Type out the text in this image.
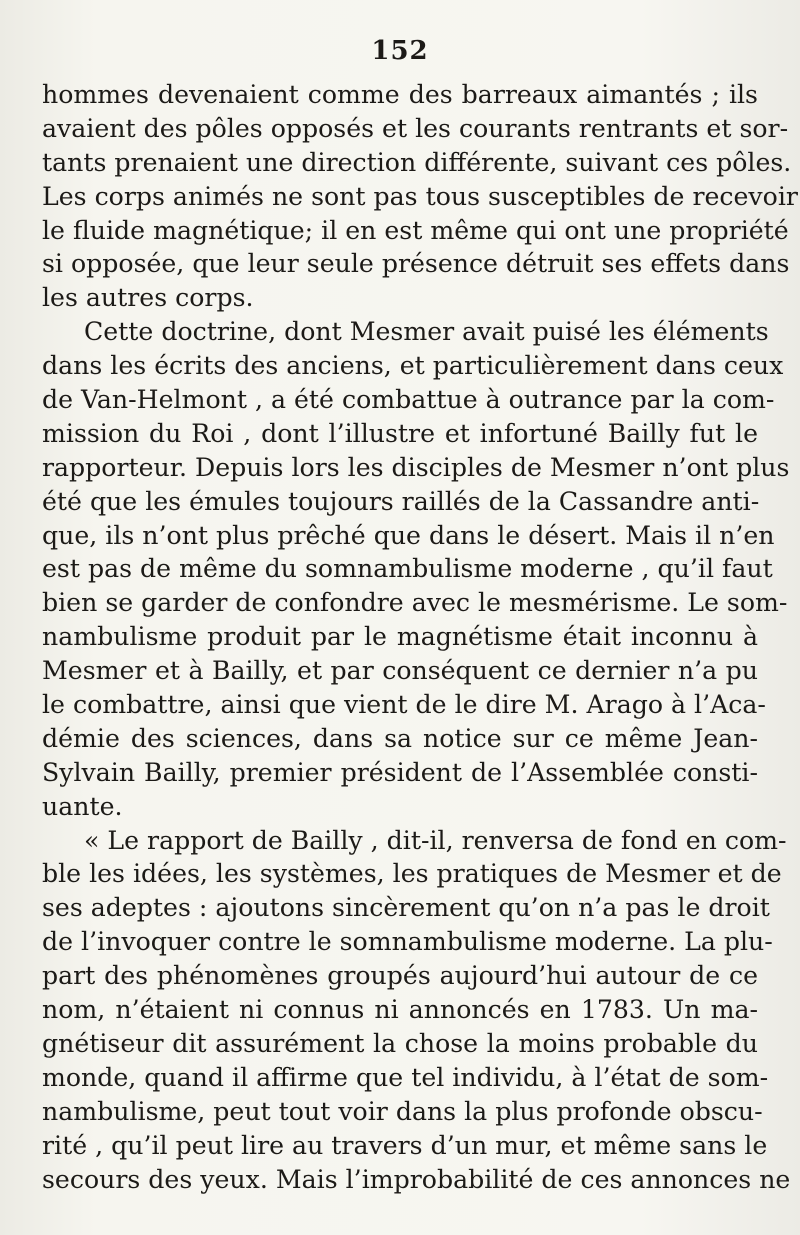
152
hommes devenaient comme des barreaux aimantés ; ils
avaient des pôles opposés et les courants rentrants et sor-
tants prenaient une direction différente, suivant ces pôles.
Les corps animés ne sont pas tous susceptibles de recevoir
le fluide magnétique; il en est même qui ont une propriété
si opposée, que leur seule présence détruit ses effets dans
les autres corps.
Cette doctrine, dont Mesmer avait puisé les éléments
dans les écrits des anciens, et particulièrement dans ceux
de Van-Helmont , a été combattue à outrance par la com-
mission du Roi , dont l’illustre et infortuné Bailly fut le
rapporteur. Depuis lors les disciples de Mesmer n’ont plus
été que les émules toujours raillés de la Cassandre anti-
que, ils n’ont plus prêché que dans le désert. Mais il n’en
est pas de même du somnambulisme moderne , qu’il faut
bien se garder de confondre avec le mesmérisme. Le som-
nambulisme produit par le magnétisme était inconnu à
Mesmer et à Bailly, et par conséquent ce dernier n’a pu
le combattre, ainsi que vient de le dire M. Arago à l’Aca-
démie des sciences, dans sa notice sur ce même Jean-
Sylvain Bailly, premier président de l’Assemblée consti-
uante.
« Le rapport de Bailly , dit-il, renversa de fond en com-
ble les idées, les systèmes, les pratiques de Mesmer et de
ses adeptes : ajoutons sincèrement qu’on n’a pas le droit
de l’invoquer contre le somnambulisme moderne. La plu-
part des phénomènes groupés aujourd’hui autour de ce
nom, n’étaient ni connus ni annoncés en 1783. Un ma-
gnétiseur dit assurément la chose la moins probable du
monde, quand il affirme que tel individu, à l’état de som-
nambulisme, peut tout voir dans la plus profonde obscu-
rité , qu’il peut lire au travers d’un mur, et même sans le
secours des yeux. Mais l’improbabilité de ces annonces ne
